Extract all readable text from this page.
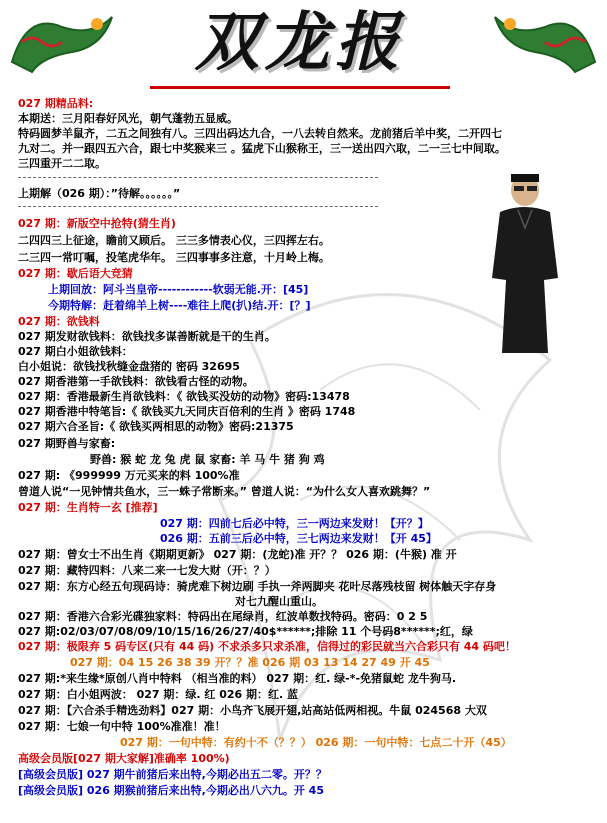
双龙报
027 期精品料:
本期送：三月阳春好风光，朝气蓬勃五显威。
特码圆梦羊鼠齐，二五之间独有八。三四出码达九合，一八去转自然来。龙前猪后羊中奖，二开四七
九对二。并一跟四五六合，跟七中奖猴来三 。猛虎下山猴称王，三一送出四六取，二一三七中间取。
三四重开二二取。
上期解（026 期）：”待解。。。。。。”
027 期：新版空中抢特(猜生肖)
二四四三上征途，瞻前又顾后。 三三多情表心仪，三四挥左右。
二三四一常叮嘱，投笔虎华年。 三四事事多注意，十月岭上梅。
027 期：歇后语大竞猜
上期回放：阿斗当皇帝------------软弱无能.开：[45]
今期特解：赶着绵羊上树----难往上爬(扒)结.开：[？]
027 期：欲钱料
027 期发财欲钱料：欲钱找多谋善断就是干的生肖。
027 期白小姐欲钱料：
白小姐说：欲钱找秋缝金盘猪的 密码 32695
027 期香港第一手欲钱料：欲钱看古怪的动物。
027 期：香港最新生肖欲钱料：《 欲钱买没妨的动物》密码:13478
027 期香港中特笔旨:《 欲钱买九天同庆百倍利的生肖 》密码 1748
027 期六合圣旨:《 欲钱买两相思的动物》密码:21375
027 期野兽与家畜:
野兽: 猴 蛇 龙 兔 虎 鼠 家畜: 羊 马 牛 猪 狗 鸡
027 期: 《999999 万元买来的料 100%准
曾道人说“一见钟情共鱼水，三一蛛子常断来。” 曾道人说：“为什么女人喜欢跳舞？”
027 期：生肖特一玄 [推荐]
027 期：四前七后必中特，三一两边来发财！【开？】
026 期：五前三后必中特，三七两边来发财！【开 45】
027 期：曾女士不出生肖《期期更新》 027 期：(龙蛇)准 开？？ 026 期：(牛猴) 准 开
027 期：藏特四料：八来二来一七发大财（开：？）
027 期：东方心经五句现码诗：骑虎难下树边刷 手执一斧两脚夹 花叶尽落残枝留 树体触天字存身
对七九醒山重山。
027 期：香港六合彩光碟独家料：特码出在尾绿肖，红波单数找特码。密码：0 2 5
027 期:02/03/07/08/09/10/15/16/26/27/40$******;排除 11 个号码8******;红，绿
027 期：极限弃 5 码专区(只有 44 码) 不求杀多只求杀准，信得过的彩民就当六合彩只有 44 码吧！
027 期：04 15 26 38 39 开？？准 026 期 03 13 14 27 49 开 45
027 期:*来生缘*原创八肖中特料 （相当准的料） 027 期：红. 绿-*-免猪鼠蛇 龙牛狗马.
027 期：白小姐两波： 027 期：绿. 红 026 期：红. 蓝
027 期：【六合杀手精选劲料】027 期：小鸟齐飞展开翅,站高站低两相视。牛鼠 024568 大双
027 期：七娘一句中特 100%准准！准！
027 期：一句中特：有约十不（？？） 026 期：一句中特：七点二十开（45）
高级会员版[027 期大家解]准确率 100%)
[高级会员版] 027 期牛前猪后来出特,今期必出五二零。开？？
[高级会员版] 026 期猴前猪后来出特,今期必出八六九。开 45
